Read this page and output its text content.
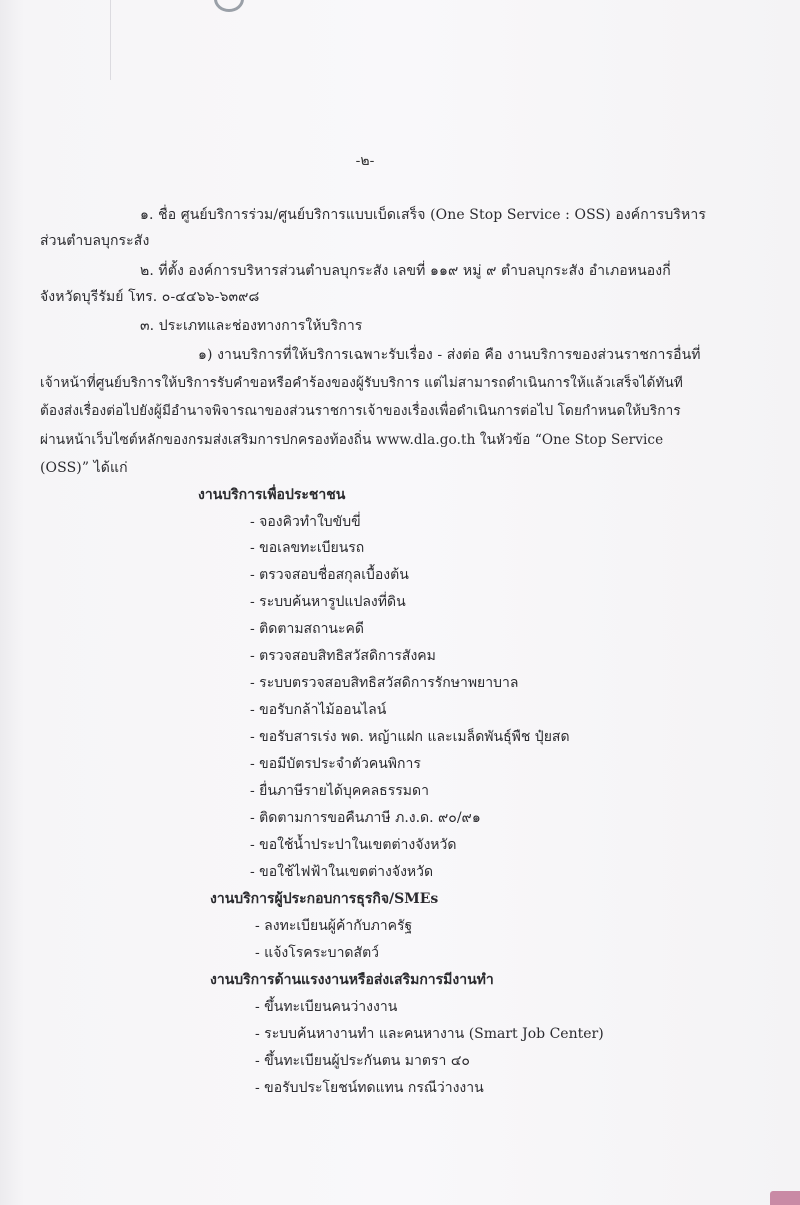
-๒-
๑. ชื่อ ศูนย์บริการร่วม/ศูนย์บริการแบบเบ็ดเสร็จ (One Stop Service : OSS) องค์การบริหาร
ส่วนตำบลบุกระสัง
๒. ที่ตั้ง องค์การบริหารส่วนตำบลบุกระสัง เลขที่ ๑๑๙ หมู่ ๙ ตำบลบุกระสัง อำเภอหนองกี่
จังหวัดบุรีรัมย์ โทร. ๐-๔๔๖๖-๖๓๙๘
๓. ประเภทและช่องทางการให้บริการ
๑) งานบริการที่ให้บริการเฉพาะรับเรื่อง - ส่งต่อ คือ งานบริการของส่วนราชการอื่นที่
เจ้าหน้าที่ศูนย์บริการให้บริการรับคำขอหรือคำร้องของผู้รับบริการ แต่ไม่สามารถดำเนินการให้แล้วเสร็จได้ทันที
ต้องส่งเรื่องต่อไปยังผู้มีอำนาจพิจารณาของส่วนราชการเจ้าของเรื่องเพื่อดำเนินการต่อไป โดยกำหนดให้บริการ
ผ่านหน้าเว็บไซต์หลักของกรมส่งเสริมการปกครองท้องถิ่น www.dla.go.th ในหัวข้อ “One Stop Service
(OSS)” ได้แก่
งานบริการเพื่อประชาชน
- จองคิวทำใบขับขี่
- ขอเลขทะเบียนรถ
- ตรวจสอบชื่อสกุลเบื้องต้น
- ระบบค้นหารูปแปลงที่ดิน
- ติดตามสถานะคดี
- ตรวจสอบสิทธิสวัสดิการสังคม
- ระบบตรวจสอบสิทธิสวัสดิการรักษาพยาบาล
- ขอรับกล้าไม้ออนไลน์
- ขอรับสารเร่ง พด. หญ้าแฝก และเมล็ดพันธุ์พืช ปุ๋ยสด
- ขอมีบัตรประจำตัวคนพิการ
- ยื่นภาษีรายได้บุคคลธรรมดา
- ติดตามการขอคืนภาษี ภ.ง.ด. ๙๐/๙๑
- ขอใช้น้ำประปาในเขตต่างจังหวัด
- ขอใช้ไฟฟ้าในเขตต่างจังหวัด
งานบริการผู้ประกอบการธุรกิจ/SMEs
- ลงทะเบียนผู้ค้ากับภาครัฐ
- แจ้งโรคระบาดสัตว์
งานบริการด้านแรงงานหรือส่งเสริมการมีงานทำ
- ขึ้นทะเบียนคนว่างงาน
- ระบบค้นหางานทำ และคนหางาน (Smart Job Center)
- ขึ้นทะเบียนผู้ประกันตน มาตรา ๔๐
- ขอรับประโยชน์ทดแทน กรณีว่างงาน
